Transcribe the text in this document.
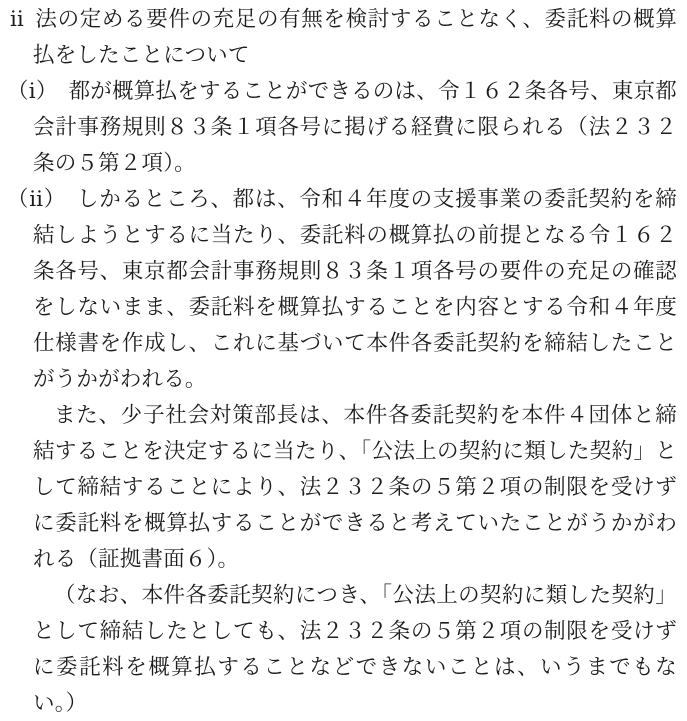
ⅱ 法の定める要件の充足の有無を検討することなく、委託料の概算払をしたことについて

（ⅰ） 都が概算払をすることができるのは、令１６２条各号、東京都会計事務規則８３条１項各号に掲げる経費に限られる（法２３２条の５第２項）。

（ⅱ） しかるところ、都は、令和４年度の支援事業の委託契約を締結しようとするに当たり、委託料の概算払の前提となる令１６２条各号、東京都会計事務規則８３条１項各号の要件の充足の確認をしないまま、委託料を概算払することを内容とする令和４年度仕様書を作成し、これに基づいて本件各委託契約を締結したことがうかがわれる。

また、少子社会対策部長は、本件各委託契約を本件４団体と締結することを決定するに当たり、「公法上の契約に類した契約」として締結することにより、法２３２条の５第２項の制限を受けずに委託料を概算払することができると考えていたことがうかがわれる（証拠書面６）。

（なお、本件各委託契約につき、「公法上の契約に類した契約」として締結したとしても、法２３２条の５第２項の制限を受けずに委託料を概算払することなどできないことは、いうまでもない。）
